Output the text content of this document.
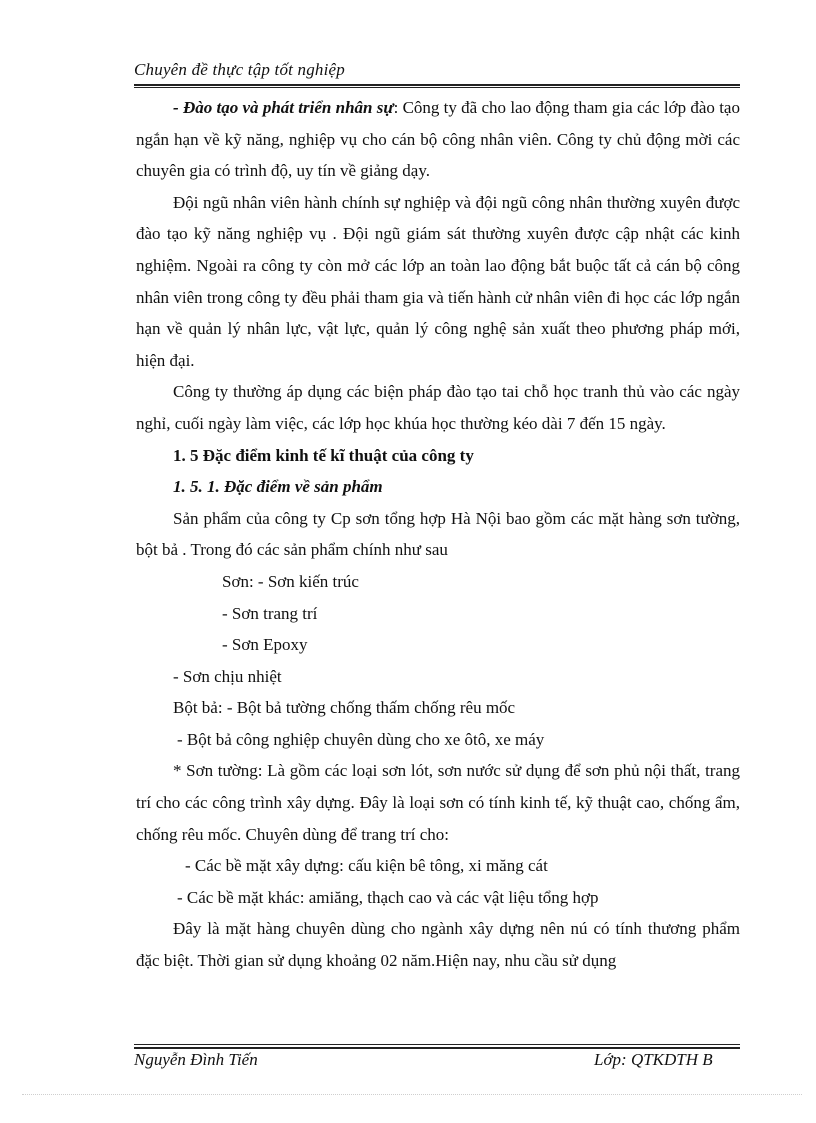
Chuyên đề thực tập tốt nghiệp

- Đào tạo và phát triển nhân sự: Công ty đã cho lao động tham gia các lớp đào tạo ngắn hạn về kỹ năng, nghiệp vụ cho cán bộ công nhân viên. Công ty chủ động mời các chuyên gia có trình độ, uy tín về giảng dạy.

Đội ngũ nhân viên hành chính sự nghiệp và đội ngũ công nhân thường xuyên được đào tạo kỹ năng nghiệp vụ . Đội ngũ giám sát thường xuyên được cập nhật các kinh nghiệm. Ngoài ra công ty còn mở các lớp an toàn lao động bắt buộc tất cả cán bộ công nhân viên trong công ty đều phải tham gia và tiến hành cử nhân viên đi học các lớp ngắn hạn về quản lý nhân lực, vật lực, quản lý công nghệ sản xuất theo phương pháp mới, hiện đại.

Công ty thường áp dụng các biện pháp đào tạo tai chỗ học tranh thủ vào các ngày nghỉ, cuối ngày làm việc, các lớp học khúa học thường kéo dài 7 đến 15 ngày.

1. 5 Đặc điểm kinh tế kĩ thuật của công ty

1. 5. 1. Đặc điểm về sản phẩm

Sản phẩm của công ty Cp sơn tổng hợp Hà Nội bao gồm các mặt hàng sơn tường, bột bả . Trong đó các sản phẩm chính như sau

Sơn: - Sơn kiến trúc

- Sơn trang trí

- Sơn Epoxy

- Sơn chịu nhiệt

Bột bả: - Bột bả tường chống thấm chống rêu mốc

- Bột bả công nghiệp chuyên dùng cho xe ôtô, xe máy

* Sơn tường: Là gồm các loại sơn lót, sơn nước sử dụng để sơn phủ nội thất, trang trí cho các công trình xây dựng. Đây là loại sơn có tính kinh tế, kỹ thuật cao, chống ẩm, chống rêu mốc. Chuyên dùng để trang trí cho:

- Các bề mặt xây dựng: cấu kiện bê tông, xi măng cát

- Các bề mặt khác: amiăng, thạch cao và các vật liệu tổng hợp

Đây là mặt hàng chuyên dùng cho ngành xây dựng nên nú có tính thương phẩm đặc biệt. Thời gian sử dụng khoảng 02 năm.Hiện nay, nhu cầu sử dụng

Nguyễn Đình Tiến	Lớp: QTKDTH B
